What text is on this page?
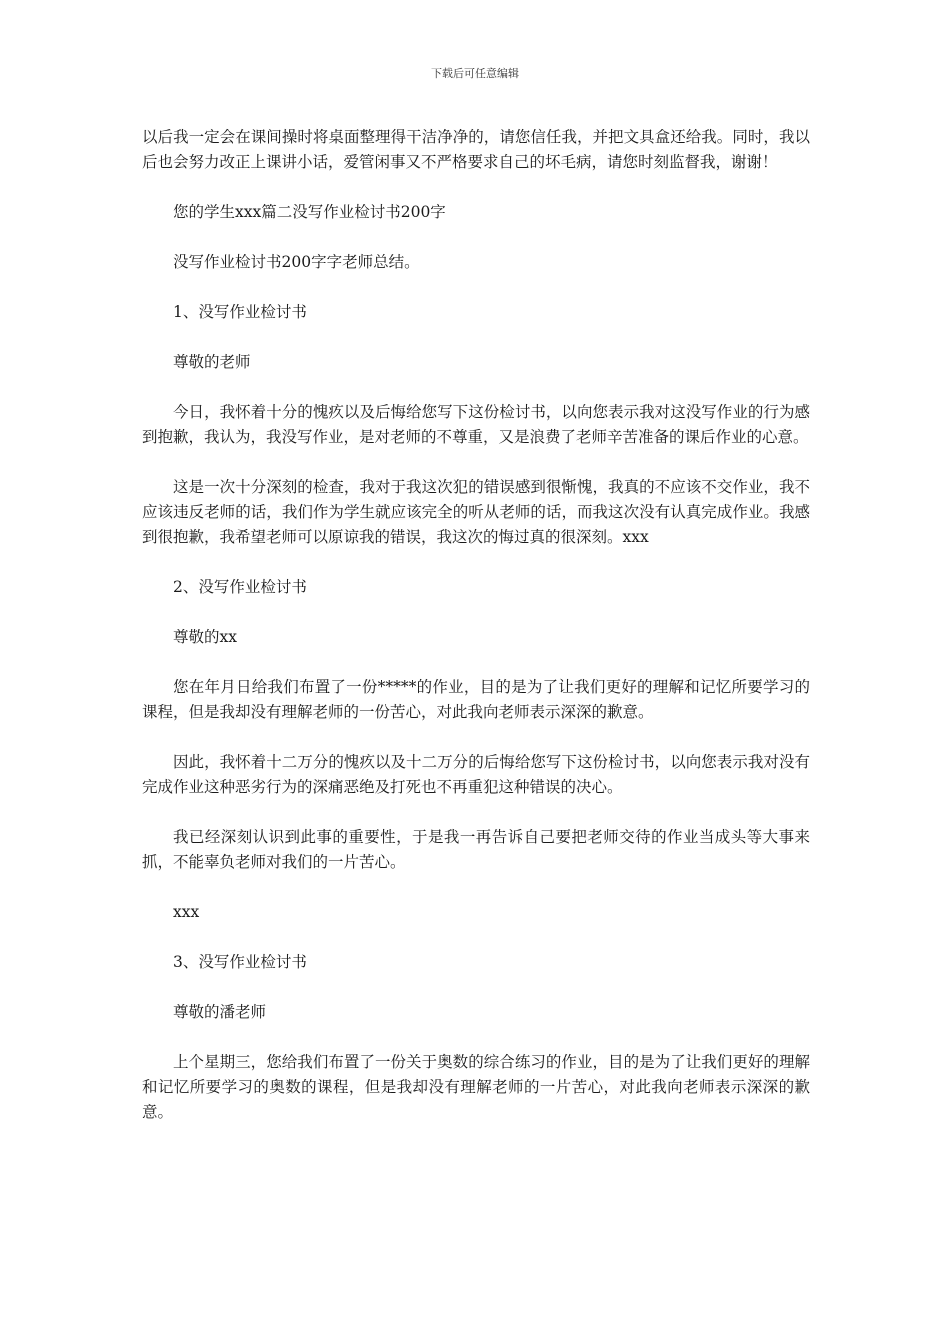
下载后可任意编辑

以后我一定会在课间操时将桌面整理得干洁净净的，请您信任我，并把文具盒还给我。同时，我以后也会努力改正上课讲小话，爱管闲事又不严格要求自己的坏毛病，请您时刻监督我，谢谢！

您的学生xxx篇二没写作业检讨书200字

没写作业检讨书200字字老师总结。

1、没写作业检讨书

尊敬的老师

今日，我怀着十分的愧疚以及后悔给您写下这份检讨书，以向您表示我对这没写作业的行为感到抱歉，我认为，我没写作业，是对老师的不尊重，又是浪费了老师辛苦准备的课后作业的心意。

这是一次十分深刻的检查，我对于我这次犯的错误感到很惭愧，我真的不应该不交作业，我不应该违反老师的话，我们作为学生就应该完全的听从老师的话，而我这次没有认真完成作业。我感到很抱歉，我希望老师可以原谅我的错误，我这次的悔过真的很深刻。xxx

2、没写作业检讨书

尊敬的xx

您在年月日给我们布置了一份*****的作业，目的是为了让我们更好的理解和记忆所要学习的课程，但是我却没有理解老师的一份苦心，对此我向老师表示深深的歉意。

因此，我怀着十二万分的愧疚以及十二万分的后悔给您写下这份检讨书，以向您表示我对没有完成作业这种恶劣行为的深痛恶绝及打死也不再重犯这种错误的决心。

我已经深刻认识到此事的重要性，于是我一再告诉自己要把老师交待的作业当成头等大事来抓，不能辜负老师对我们的一片苦心。

xxx

3、没写作业检讨书

尊敬的潘老师

上个星期三，您给我们布置了一份关于奥数的综合练习的作业，目的是为了让我们更好的理解和记忆所要学习的奥数的课程，但是我却没有理解老师的一片苦心，对此我向老师表示深深的歉意。
